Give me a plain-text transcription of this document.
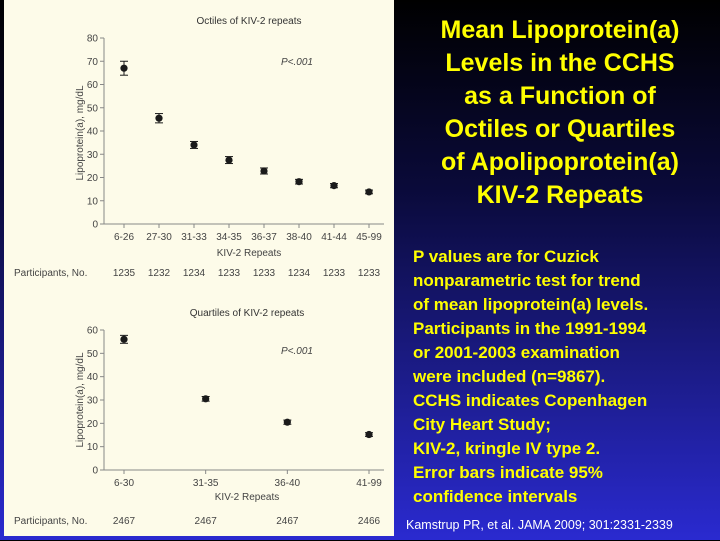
Octiles of KIV-2 repeats
Lipoprotein(a), mg/dL
KIV-2 Repeats
P<.001
Participants, No.
0
10
20
30
40
50
60
70
80
6-26
1235
27-30
1232
31-33
1234
34-35
1233
36-37
1233
38-40
1234
41-44
1233
45-99
1233
Quartiles of KIV-2 repeats
Lipoprotein(a), mg/dL
KIV-2 Repeats
P<.001
Participants, No.
0
10
20
30
40
50
60
6-30
2467
31-35
2467
36-40
2467
41-99
2466
Mean Lipoprotein(a)
Levels in the CCHS
as a Function of
Octiles or Quartiles
of Apolipoprotein(a)
KIV-2 Repeats
P values are for Cuzick
nonparametric test for trend
of mean lipoprotein(a) levels.
Participants in the 1991-1994
or 2001-2003 examination
were included (n=9867).
CCHS indicates Copenhagen
City Heart Study;
KIV-2, kringle IV type 2.
Error bars indicate 95%
confidence intervals
Kamstrup PR, et al. JAMA 2009; 301:2331-2339
